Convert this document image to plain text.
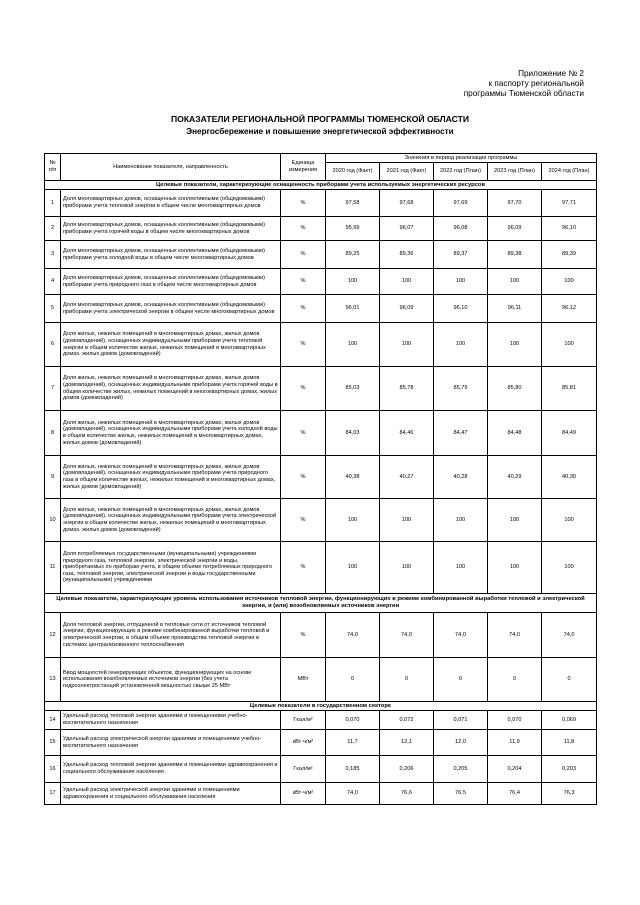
Приложение № 2
к паспорту региональной
программы Тюменской области
ПОКАЗАТЕЛИ РЕГИОНАЛЬНОЙ ПРОГРАММЫ ТЮМЕНСКОЙ ОБЛАСТИ
Энергосбережение и повышение энергетической эффективности
№ п/п	Наименование показателя, направленность	Единица измерения	Значения в период реализации программы				
			2020 год (Факт)	2021 год (Факт)	2022 год (План)	2023 год (План)	2024 год (План)
Целевые показатели, характеризующие оснащенность приборами учета используемых энергетических ресурсов							
1	Доля многоквартирных домов, оснащенных коллективными (общедомовыми) приборами учета тепловой энергии в общем числе многоквартирных домов	%	97,58	97,68	97,69	97,70	97,71
2	Доля многоквартирных домов, оснащенных коллективными (общедомовыми) приборами учета горячей воды в общем числе многоквартирных домов	%	95,99	96,07	96,08	96,09	96,10
3	Доля многоквартирных домов, оснащенных коллективными (общедомовыми) приборами учета холодной воды в общем числе многоквартирных домов	%	89,25	89,36	89,37	89,38	89,39
4	Доля многоквартирных домов, оснащенных коллективными (общедомовыми) приборами учета природного газа в общем числе многоквартирных домов	%	100	100	100	100	100
5	Доля многоквартирных домов, оснащенных коллективными (общедомовыми) приборами учета электрической энергии в общем числе многоквартирных домов	%	96,01	96,09	96,10	96,11	96,12
6	Доля жилых, нежилых помещений в многоквартирных домах, жилых домов (домовладений), оснащенных индивидуальными приборами учета тепловой энергии в общем количестве жилых, нежилых помещений в многоквартирных домах, жилых домов (домовладений)	%	100	100	100	100	100
7	Доля жилых, нежилых помещений в многоквартирных домах, жилых домов (домовладений), оснащенных индивидуальными приборами учета горячей воды в общем количестве жилых, нежилых помещений в многоквартирных домах, жилых домов (домовладений)	%	85,03	85,78	85,79	85,80	85,81
8	Доля жилых, нежилых помещений в многоквартирных домах, жилых домов (домовладений), оснащенных индивидуальными приборами учета холодной воды в общем количестве жилых, нежилых помещений в многоквартирных домах, жилых домов (домовладений)	%	84,03	84,46	84,47	84,48	84,49
9	Доля жилых, нежилых помещений в многоквартирных домах, жилых домов (домовладений), оснащенных индивидуальными приборами учета природного газа в общем количестве жилых, нежилых помещений в многоквартирных домах, жилых домов (домовладений)	%	40,38	40,27	40,28	40,29	40,30
10	Доля жилых, нежилых помещений в многоквартирных домах, жилых домов (домовладений), оснащенных индивидуальными приборами учета электрической энергии в общем количестве жилых, нежилых помещений в многоквартирных домах, жилых домов (домовладений)	%	100	100	100	100	100
11	Доля потребляемых государственными (муниципальными) учреждениями природного газа, тепловой энергии, электрической энергии и воды, приобретаемых по приборам учета, в общем объеме потребляемых природного газа, тепловой энергии, электрической энергии и воды государственными (муниципальными) учреждениями	%	100	100	100	100	100
Целевые показатели, характеризующие уровень использования источников тепловой энергии, функционирующих в режиме комбинированной выработки тепловой и электрической энергии, и (или) возобновляемых источников энергии							
12	Доля тепловой энергии, отпущенной в тепловые сети от источников тепловой энергии, функционирующих в режиме комбинированной выработки тепловой и электрической энергии, в общем объеме производства тепловой энергии в системах централизованного теплоснабжения	%	74,0	74,0	74,0	74,0	74,0
13	Ввод мощностей генерирующих объектов, функционирующих на основе использования возобновляемых источников энергии (без учета гидроэлектростанций установленной мощностью свыше 25 МВт	МВт	0	0	0	0	0
Целевые показатели в государственном секторе							
14	Удельный расход тепловой энергии зданиями и помещениями учебно-воспитательного назначения	Гкал/м²	0,070	0,072	0,071	0,070	0,069
15	Удельный расход электрической энергии зданиями и помещениями учебно-воспитательного назначения	кВт·ч/м²	11,7	12,1	12,0	11,9	11,8
16	Удельный расход тепловой энергии зданиями и помещениями здравоохранения и социального обслуживания населения	Гкал/м²	0,185	0,206	0,205	0,204	0,203
17	Удельный расход электрической энергии зданиями и помещениями здравоохранения и социального обслуживания населения	кВт·ч/м²	74,0	76,6	76,5	76,4	76,3
